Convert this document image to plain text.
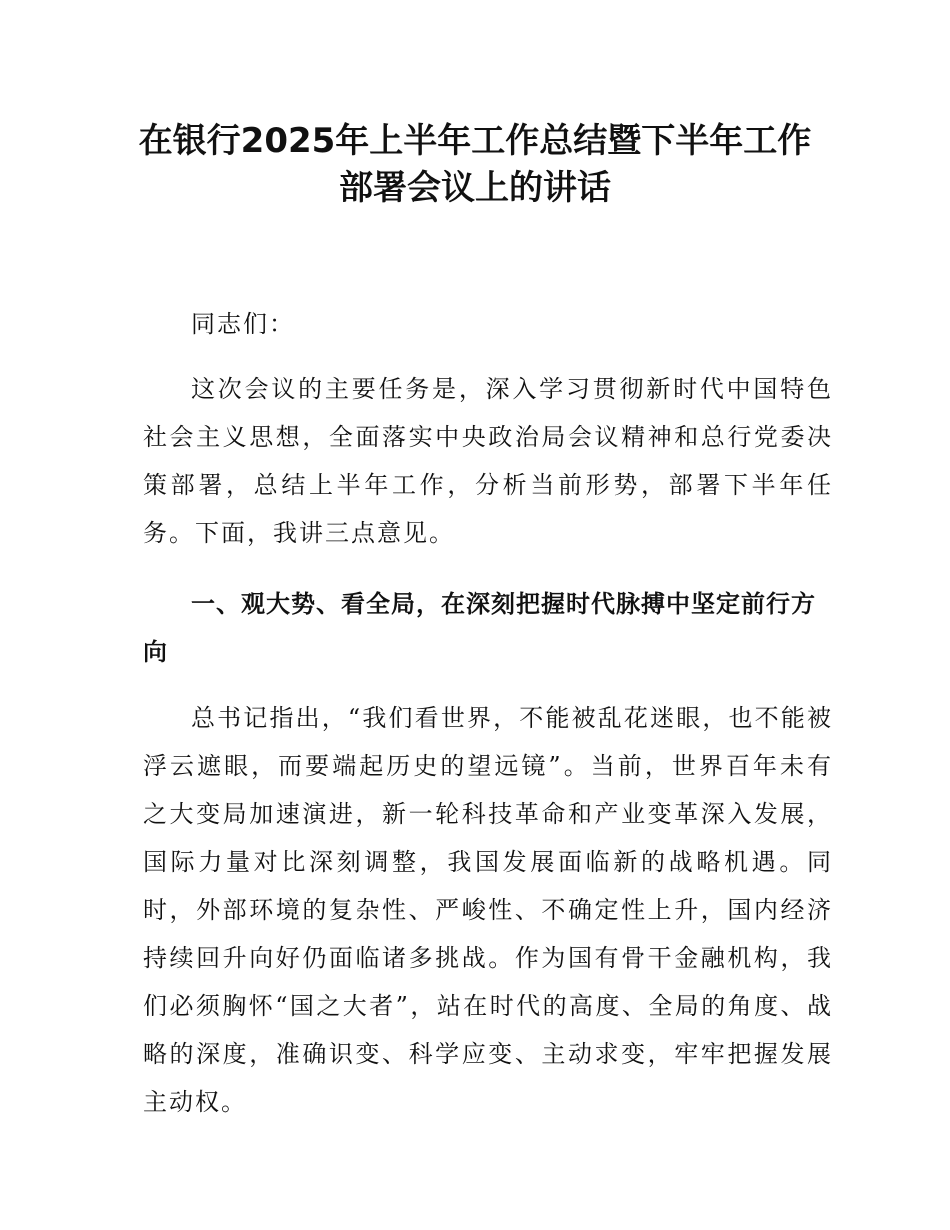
在银行2025年上半年工作总结暨下半年工作
部署会议上的讲话

同志们：

这次会议的主要任务是，深入学习贯彻新时代中国特色社会主义思想，全面落实中央政治局会议精神和总行党委决策部署，总结上半年工作，分析当前形势，部署下半年任务。下面，我讲三点意见。

一、观大势、看全局，在深刻把握时代脉搏中坚定前行方向

总书记指出，“我们看世界，不能被乱花迷眼，也不能被浮云遮眼，而要端起历史的望远镜”。当前，世界百年未有之大变局加速演进，新一轮科技革命和产业变革深入发展，国际力量对比深刻调整，我国发展面临新的战略机遇。同时，外部环境的复杂性、严峻性、不确定性上升，国内经济持续回升向好仍面临诸多挑战。作为国有骨干金融机构，我们必须胸怀“国之大者”，站在时代的高度、全局的角度、战略的深度，准确识变、科学应变、主动求变，牢牢把握发展主动权。
